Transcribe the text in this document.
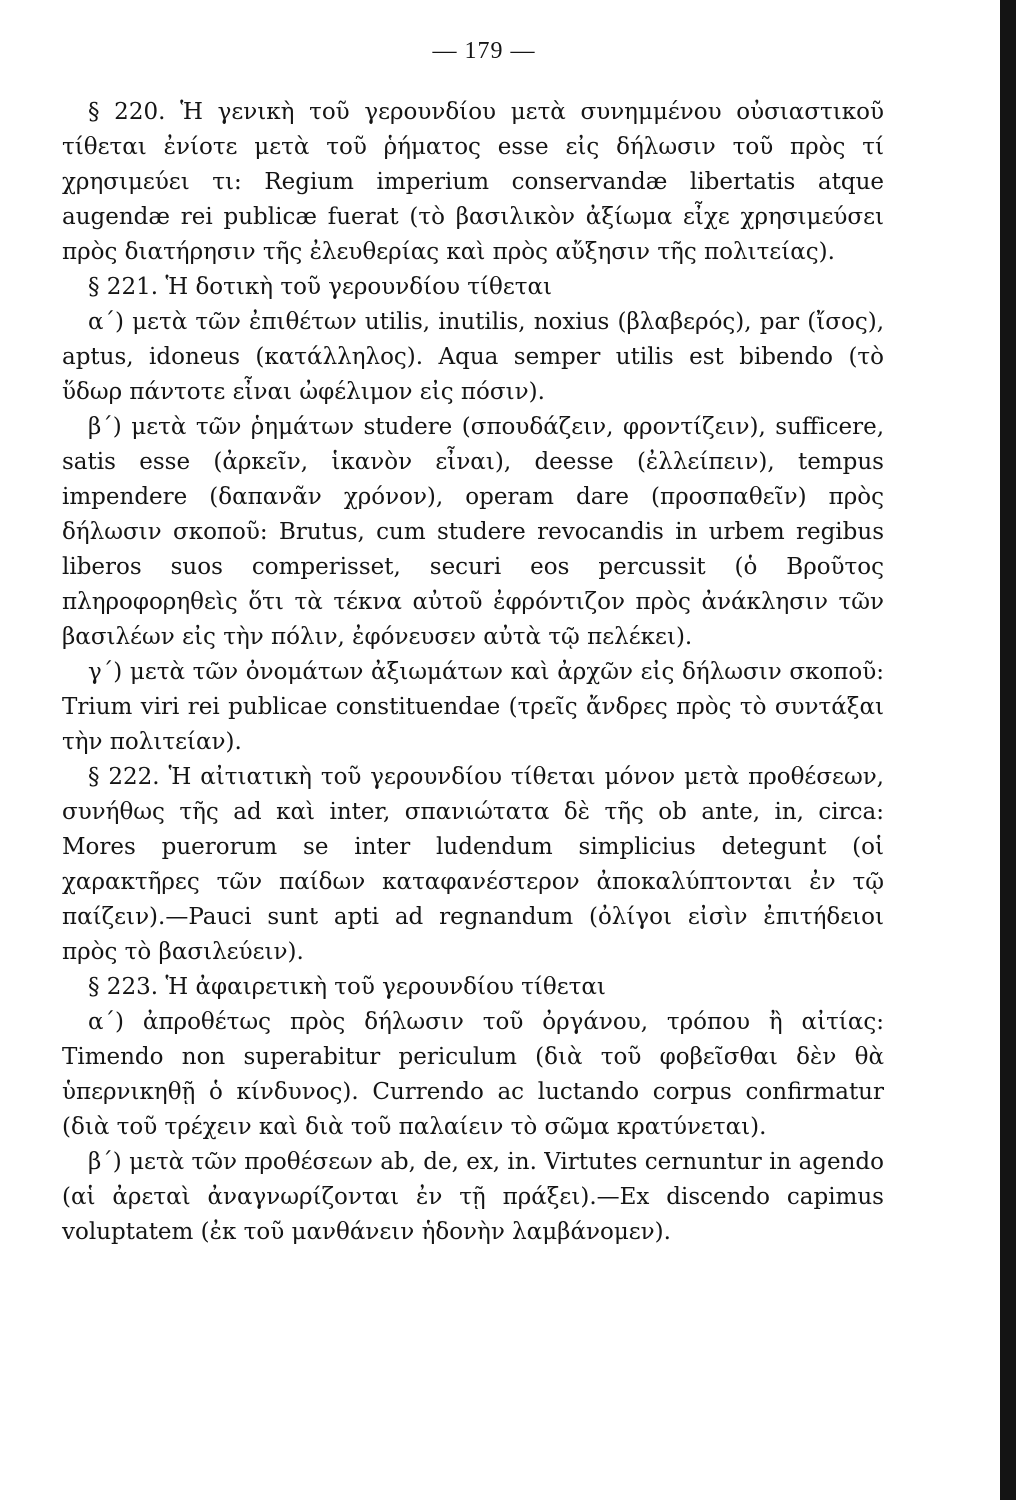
— 179 —

§ 220. Ἡ γενικὴ τοῦ γερουνδίου μετὰ συνημμένου οὐσιαστικοῦ τίθεται ἐνίοτε μετὰ τοῦ ῥήματος esse εἰς δήλωσιν τοῦ πρὸς τί χρησιμεύει τι: Regium imperium conservandæ libertatis atque augendæ rei publicæ fuerat (τὸ βασιλικὸν ἀξίωμα εἶχε χρησιμεύσει πρὸς διατήρησιν τῆς ἐλευθερίας καὶ πρὸς αὔξησιν τῆς πολιτείας).

§ 221. Ἡ δοτικὴ τοῦ γερουνδίου τίθεται

α΄) μετὰ τῶν ἐπιθέτων utilis, inutilis, noxius (βλαβερός), par (ἴσος), aptus, idoneus (κατάλληλος). Aqua semper utilis est bibendo (τὸ ὕδωρ πάντοτε εἶναι ὠφέλιμον εἰς πόσιν).

β΄) μετὰ τῶν ῥημάτων studere (σπουδάζειν, φροντίζειν), sufficere, satis esse (ἀρκεῖν, ἱκανὸν εἶναι), deesse (ἐλλείπειν), tempus impendere (δαπανᾶν χρόνον), operam dare (προσπαθεῖν) πρὸς δήλωσιν σκοποῦ: Brutus, cum studere revocandis in urbem regibus liberos suos comperisset, securi eos percussit (ὁ Βροῦτος πληροφορηθεὶς ὅτι τὰ τέκνα αὐτοῦ ἐφρόντιζον πρὸς ἀνάκλησιν τῶν βασιλέων εἰς τὴν πόλιν, ἐφόνευσεν αὐτὰ τῷ πελέκει).

γ΄) μετὰ τῶν ὀνομάτων ἀξιωμάτων καὶ ἀρχῶν εἰς δήλωσιν σκοποῦ: Trium viri rei publicae constituendae (τρεῖς ἄνδρες πρὸς τὸ συντάξαι τὴν πολιτείαν).

§ 222. Ἡ αἰτιατικὴ τοῦ γερουνδίου τίθεται μόνον μετὰ προθέσεων, συνήθως τῆς ad καὶ inter, σπανιώτατα δὲ τῆς ob ante, in, circa: Mores puerorum se inter ludendum simplicius detegunt (οἱ χαρακτῆρες τῶν παίδων καταφανέστερον ἀποκαλύπτονται ἐν τῷ παίζειν).—Pauci sunt apti ad regnandum (ὀλίγοι εἰσὶν ἐπιτήδειοι πρὸς τὸ βασιλεύειν).

§ 223. Ἡ ἀφαιρετικὴ τοῦ γερουνδίου τίθεται

α΄) ἀπροθέτως πρὸς δήλωσιν τοῦ ὀργάνου, τρόπου ἢ αἰτίας: Timendo non superabitur periculum (διὰ τοῦ φοβεῖσθαι δὲν θὰ ὑπερνικηθῇ ὁ κίνδυνος). Currendo ac luctando corpus confirmatur (διὰ τοῦ τρέχειν καὶ διὰ τοῦ παλαίειν τὸ σῶμα κρατύνεται).

β΄) μετὰ τῶν προθέσεων ab, de, ex, in. Virtutes cernuntur in agendo (αἱ ἀρεταὶ ἀναγνωρίζονται ἐν τῇ πράξει).—Ex discendo capimus voluptatem (ἐκ τοῦ μανθάνειν ἡδονὴν λαμβάνομεν).
